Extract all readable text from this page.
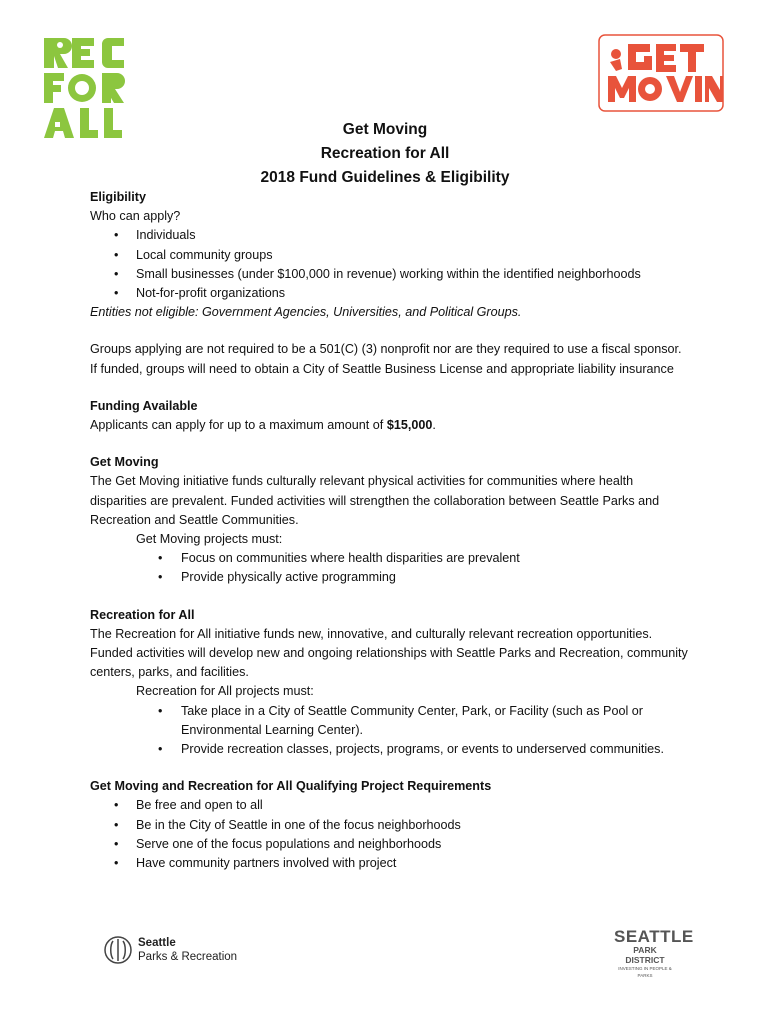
Get Moving
Recreation for All
2018 Fund Guidelines & Eligibility

Eligibility

Who can apply?

• Individuals
• Local community groups
• Small businesses (under $100,000 in revenue) working within the identified neighborhoods
• Not-for-profit organizations

Entities not eligible: Government Agencies, Universities, and Political Groups.

Groups applying are not required to be a 501(C) (3) nonprofit nor are they required to use a fiscal sponsor. If funded, groups will need to obtain a City of Seattle Business License and appropriate liability insurance

Funding Available

Applicants can apply for up to a maximum amount of $15,000.

Get Moving

The Get Moving initiative funds culturally relevant physical activities for communities where health disparities are prevalent. Funded activities will strengthen the collaboration between Seattle Parks and Recreation and Seattle Communities.

Get Moving projects must:

• Focus on communities where health disparities are prevalent
• Provide physically active programming

Recreation for All

The Recreation for All initiative funds new, innovative, and culturally relevant recreation opportunities. Funded activities will develop new and ongoing relationships with Seattle Parks and Recreation, community centers, parks, and facilities.

Recreation for All projects must:

• Take place in a City of Seattle Community Center, Park, or Facility (such as Pool or Environmental Learning Center).
• Provide recreation classes, projects, programs, or events to underserved communities.

Get Moving and Recreation for All Qualifying Project Requirements

• Be free and open to all
• Be in the City of Seattle in one of the focus neighborhoods
• Serve one of the focus populations and neighborhoods
• Have community partners involved with project
Seattle
Parks & Recreation
SEATTLE
PARK DISTRICT
INVESTING IN PEOPLE & PARKS
